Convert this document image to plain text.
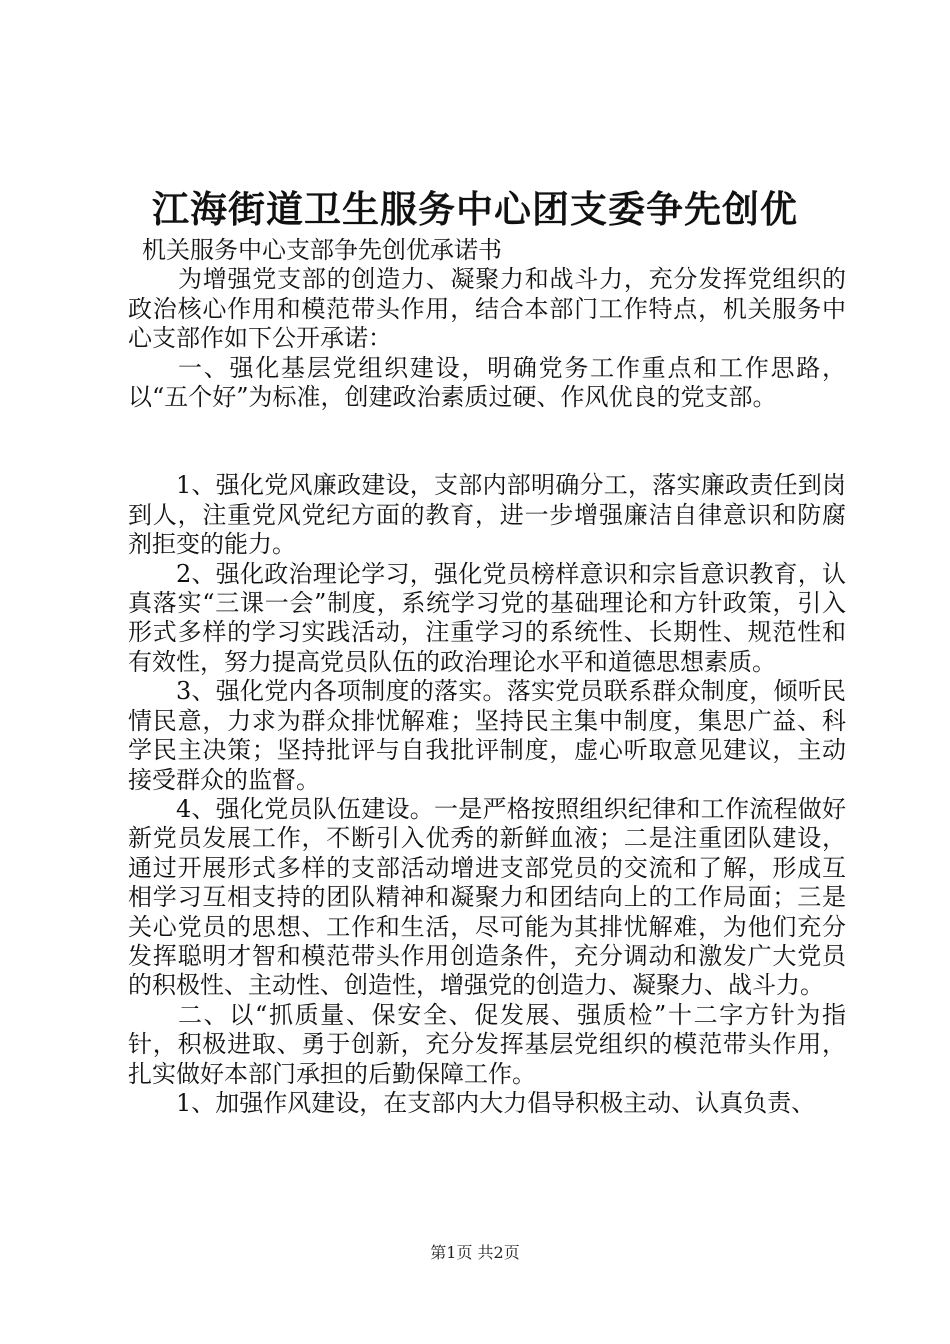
江海街道卫生服务中心团支委争先创优

机关服务中心支部争先创优承诺书

为增强党支部的创造力、凝聚力和战斗力，充分发挥党组织的政治核心作用和模范带头作用，结合本部门工作特点，机关服务中心支部作如下公开承诺：

一、强化基层党组织建设，明确党务工作重点和工作思路，以“五个好”为标准，创建政治素质过硬、作风优良的党支部。

1、强化党风廉政建设，支部内部明确分工，落实廉政责任到岗到人，注重党风党纪方面的教育，进一步增强廉洁自律意识和防腐剂拒变的能力。

2、强化政治理论学习，强化党员榜样意识和宗旨意识教育，认真落实“三课一会”制度，系统学习党的基础理论和方针政策，引入形式多样的学习实践活动，注重学习的系统性、长期性、规范性和有效性，努力提高党员队伍的政治理论水平和道德思想素质。

3、强化党内各项制度的落实。落实党员联系群众制度，倾听民情民意，力求为群众排忧解难；坚持民主集中制度，集思广益、科学民主决策；坚持批评与自我批评制度，虚心听取意见建议，主动接受群众的监督。

4、强化党员队伍建设。一是严格按照组织纪律和工作流程做好新党员发展工作，不断引入优秀的新鲜血液；二是注重团队建设，通过开展形式多样的支部活动增进支部党员的交流和了解，形成互相学习互相支持的团队精神和凝聚力和团结向上的工作局面；三是关心党员的思想、工作和生活，尽可能为其排忧解难，为他们充分发挥聪明才智和模范带头作用创造条件，充分调动和激发广大党员的积极性、主动性、创造性，增强党的创造力、凝聚力、战斗力。

二、以“抓质量、保安全、促发展、强质检”十二字方针为指针，积极进取、勇于创新，充分发挥基层党组织的模范带头作用，扎实做好本部门承担的后勤保障工作。

1、加强作风建设，在支部内大力倡导积极主动、认真负责、

第1页 共2页
